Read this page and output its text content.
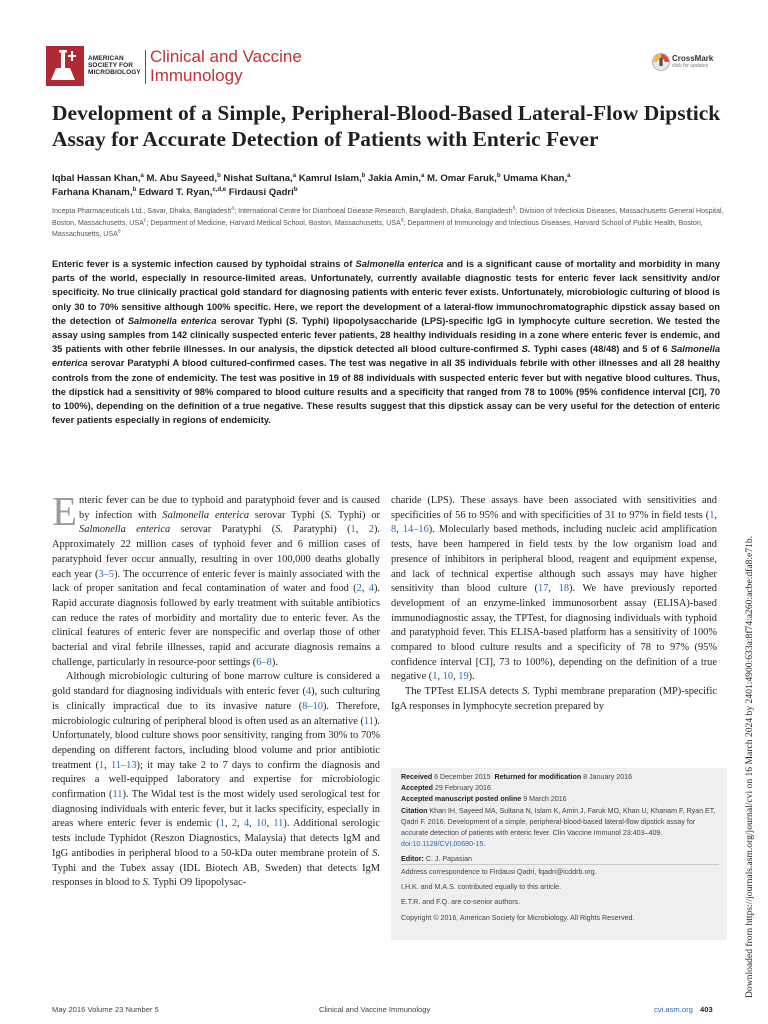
AMERICAN
SOCIETY FOR
MICROBIOLOGY
Clinical and Vaccine
Immunology
CrossMark
click for updates
Development of a Simple, Peripheral-Blood-Based Lateral-Flow Dipstick Assay for Accurate Detection of Patients with Enteric Fever
Iqbal Hassan Khan,$^a$ M. Abu Sayeed,$^b$ Nishat Sultana,$^a$ Kamrul Islam,$^b$ Jakia Amin,$^a$ M. Omar Faruk,$^b$ Umama Khan,$^a$
Farhana Khanam,$^b$ Edward T. Ryan,$^{c,d,e}$ Firdausi Qadri$^b$
Incepta Pharmaceuticals Ltd., Savar, Dhaka, Bangladesh$^a$; International Centre for Diarrhoeal Disease Research, Bangladesh, Dhaka, Bangladesh$^b$; Division of Infectious Diseases, Massachusetts General Hospital, Boston, Massachusetts, USA$^c$; Department of Medicine, Harvard Medical School, Boston, Massachusetts, USA$^d$; Department of Immunology and Infectious Diseases, Harvard School of Public Health, Boston, Massachusetts, USA$^e$
Enteric fever is a systemic infection caused by typhoidal strains of Salmonella enterica and is a significant cause of mortality and morbidity in many parts of the world, especially in resource-limited areas. Unfortunately, currently available diagnostic tests for enteric fever lack sensitivity and/or specificity. No true clinically practical gold standard for diagnosing patients with enteric fever exists. Unfortunately, microbiologic culturing of blood is only 30 to 70% sensitive although 100% specific. Here, we report the development of a lateral-flow immunochromatographic dipstick assay based on the detection of Salmonella enterica serovar Typhi (S. Typhi) lipopolysaccharide (LPS)-specific IgG in lymphocyte culture secretion. We tested the assay using samples from 142 clinically suspected enteric fever patients, 28 healthy individuals residing in a zone where enteric fever is endemic, and 35 patients with other febrile illnesses. In our analysis, the dipstick detected all blood culture-confirmed S. Typhi cases (48/48) and 5 of 6 Salmonella enterica serovar Paratyphi A blood cultured-confirmed cases. The test was negative in all 35 individuals febrile with other illnesses and all 28 healthy controls from the zone of endemicity. The test was positive in 19 of 88 individuals with suspected enteric fever but with negative blood cultures. Thus, the dipstick had a sensitivity of 98% compared to blood culture results and a specificity that ranged from 78 to 100% (95% confidence interval [CI], 70 to 100%), depending on the definition of a true negative. These results suggest that this dipstick assay can be very useful for the detection of enteric fever patients especially in regions of endemicity.
E nteric fever can be due to typhoid and paratyphoid fever and is caused by infection with Salmonella enterica serovar Typhi (S. Typhi) or Salmonella enterica serovar Paratyphi (S. Paratyphi) (1, 2). Approximately 22 million cases of typhoid fever and 6 million cases of paratyphoid fever occur annually, resulting in over 100,000 deaths globally each year (3–5). The occurrence of enteric fever is mainly associated with the lack of proper sanitation and fecal contamination of water and food (2, 4). Rapid accurate diagnosis followed by early treatment with suitable antibiotics can reduce the rates of morbidity and mortality due to enteric fever. As the clinical features of enteric fever are nonspecific and overlap those of other bacterial and viral febrile illnesses, rapid and accurate diagnosis remains a challenge, particularly in resource-poor settings (6–8).

Although microbiologic culturing of bone marrow culture is considered a gold standard for diagnosing individuals with enteric fever (4), such culturing is clinically impractical due to its invasive nature (8–10). Therefore, microbiologic culturing of peripheral blood is often used as an alternative (11). Unfortunately, blood culture shows poor sensitivity, ranging from 30% to 70% depending on different factors, including blood volume and prior antibiotic treatment (1, 11–13); it may take 2 to 7 days to confirm the diagnosis and requires a well-equipped laboratory and expertise for microbiologic confirmation (11). The Widal test is the most widely used serological test for diagnosing individuals with enteric fever, but it lacks specificity, especially in areas where enteric fever is endemic (1, 2, 4, 10, 11). Additional serologic tests include Typhidot (Reszon Diagnostics, Malaysia) that detects IgM and IgG antibodies in peripheral blood to a 50-kDa outer membrane protein of S. Typhi and the Tubex assay (IDL Biotech AB, Sweden) that detects IgM responses in blood to S. Typhi O9 lipopolysac-

charide (LPS). These assays have been associated with sensitivities and specificities of 56 to 95% and with specificities of 31 to 97% in field tests (1, 8, 14–16). Molecularly based methods, including nucleic acid amplification tests, have been hampered in field tests by the low organism load and presence of inhibitors in peripheral blood, reagent and equipment expense, and lack of technical expertise although such assays may have higher sensitivity than blood culture (17, 18). We have previously reported development of an enzyme-linked immunosorbent assay (ELISA)-based immunodiagnostic assay, the TPTest, for diagnosing individuals with typhoid and paratyphoid fever. This ELISA-based platform has a sensitivity of 100% compared to blood culture results and a specificity of 78 to 97% (95% confidence interval [CI], 73 to 100%), depending on the definition of a true negative (1, 10, 19).

The TPTest ELISA detects S. Typhi membrane preparation (MP)-specific IgA responses in lymphocyte secretion prepared by

Received 6 December 2015 Returned for modification 8 January 2016
Accepted 29 February 2016
Accepted manuscript posted online 9 March 2016
Citation Khan IH, Sayeed MA, Sultana N, Islam K, Amin J, Faruk MO, Khan U, Khanam F, Ryan ET, Qadri F. 2016. Development of a simple, peripheral-blood-based lateral-flow dipstick assay for accurate detection of patients with enteric fever. Clin Vaccine Immunol 23:403–409. doi:10.1128/CVI.00690-15.
Editor: C. J. Papasian
Address correspondence to Firdausi Qadri, fqadri@icddrb.org.
I.H.K. and M.A.S. contributed equally to this article.
E.T.R. and F.Q. are co-senior authors.
Copyright © 2016, American Society for Microbiology. All Rights Reserved.	Downloaded from https://journals.asm.org/journal/cvi on 16 March 2024 by 2401:4900:633a:8f74:a260:acbe:dfa8:e71b.
May 2016 Volume 23 Number 5	Clinical and Vaccine Immunology	cvi.asm.org 403
